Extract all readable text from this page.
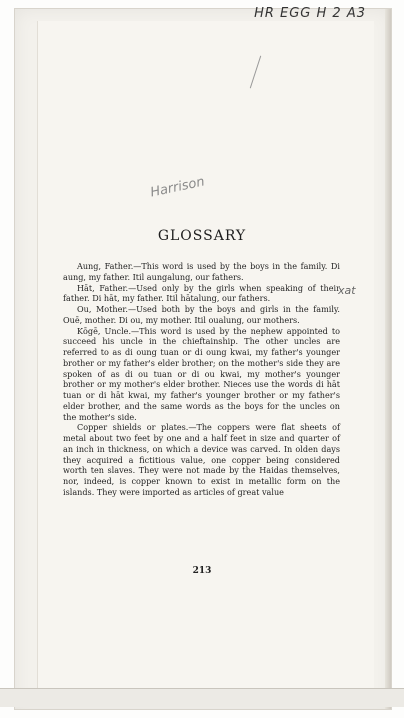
HR EGG H 2 A3
Harrison
xat
GLOSSARY

Aung, Father.—This word is used by the boys in the family. Di aung, my father. Itil aungalung, our fathers.

Hāt, Father.—Used only by the girls when speaking of their father. Di hāt, my father. Itil hātalung, our fathers.

Ou, Mother.—Used both by the boys and girls in the family. Ouē, mother. Di ou, my mother. Itil oualung, our mothers.

Kōgē, Uncle.—This word is used by the nephew appointed to succeed his uncle in the chieftainship. The other uncles are referred to as di oung tuan or di oung kwai, my father's younger brother or my father's elder brother; on the mother's side they are spoken of as di ou tuan or di ou kwai, my mother's younger brother or my mother's elder brother. Nieces use the words di hāt tuan or di hāt kwai, my father's younger brother or my father's elder brother, and the same words as the boys for the uncles on the mother's side.

Copper shields or plates.—The coppers were flat sheets of metal about two feet by one and a half feet in size and quarter of an inch in thickness, on which a device was carved. In olden days they acquired a fictitious value, one copper being considered worth ten slaves. They were not made by the Haidas themselves, nor, indeed, is copper known to exist in metallic form on the islands. They were imported as articles of great value

213
